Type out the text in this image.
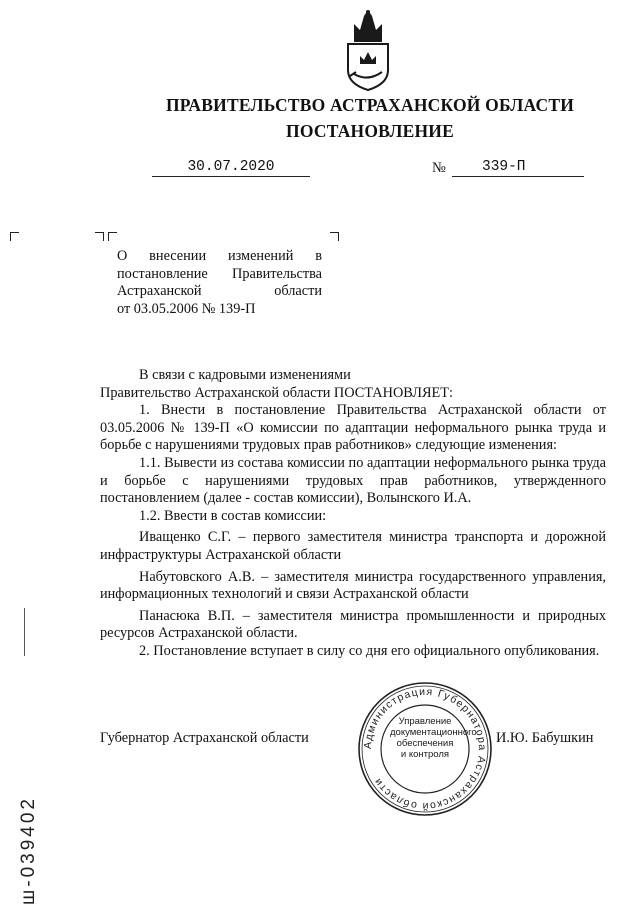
ПРАВИТЕЛЬСТВО АСТРАХАНСКОЙ ОБЛАСТИ
ПОСТАНОВЛЕНИЕ
30.07.2020	№	339-П
О внесении изменений в
постановление Правительства
Астраханской области
от 03.05.2006 № 139-П

В связи с кадровыми изменениями

Правительство Астраханской области ПОСТАНОВЛЯЕТ:

1. Внести в постановление Правительства Астраханской области от 03.05.2006 № 139-П «О комиссии по адаптации неформального рынка труда и борьбе с нарушениями трудовых прав работников» следующие изменения:

1.1. Вывести из состава комиссии по адаптации неформального рынка труда и борьбе с нарушениями трудовых прав работников, утвержденного постановлением (далее - состав комиссии), Волынского И.А.

1.2. Ввести в состав комиссии:

Иващенко С.Г. – первого заместителя министра транспорта и дорожной инфраструктуры Астраханской области

Набутовского А.В. – заместителя министра государственного управления, информационных технологий и связи Астраханской области

Панасюка В.П. – заместителя министра промышленности и природных ресурсов Астраханской области.

2. Постановление вступает в силу со дня его официального опубликования.

Губернатор Астраханской области	И.Ю. Бабушкин
Администрация Губернатора Астраханской области
Управление
документационного
обеспечения
и контроля
ш-039402
